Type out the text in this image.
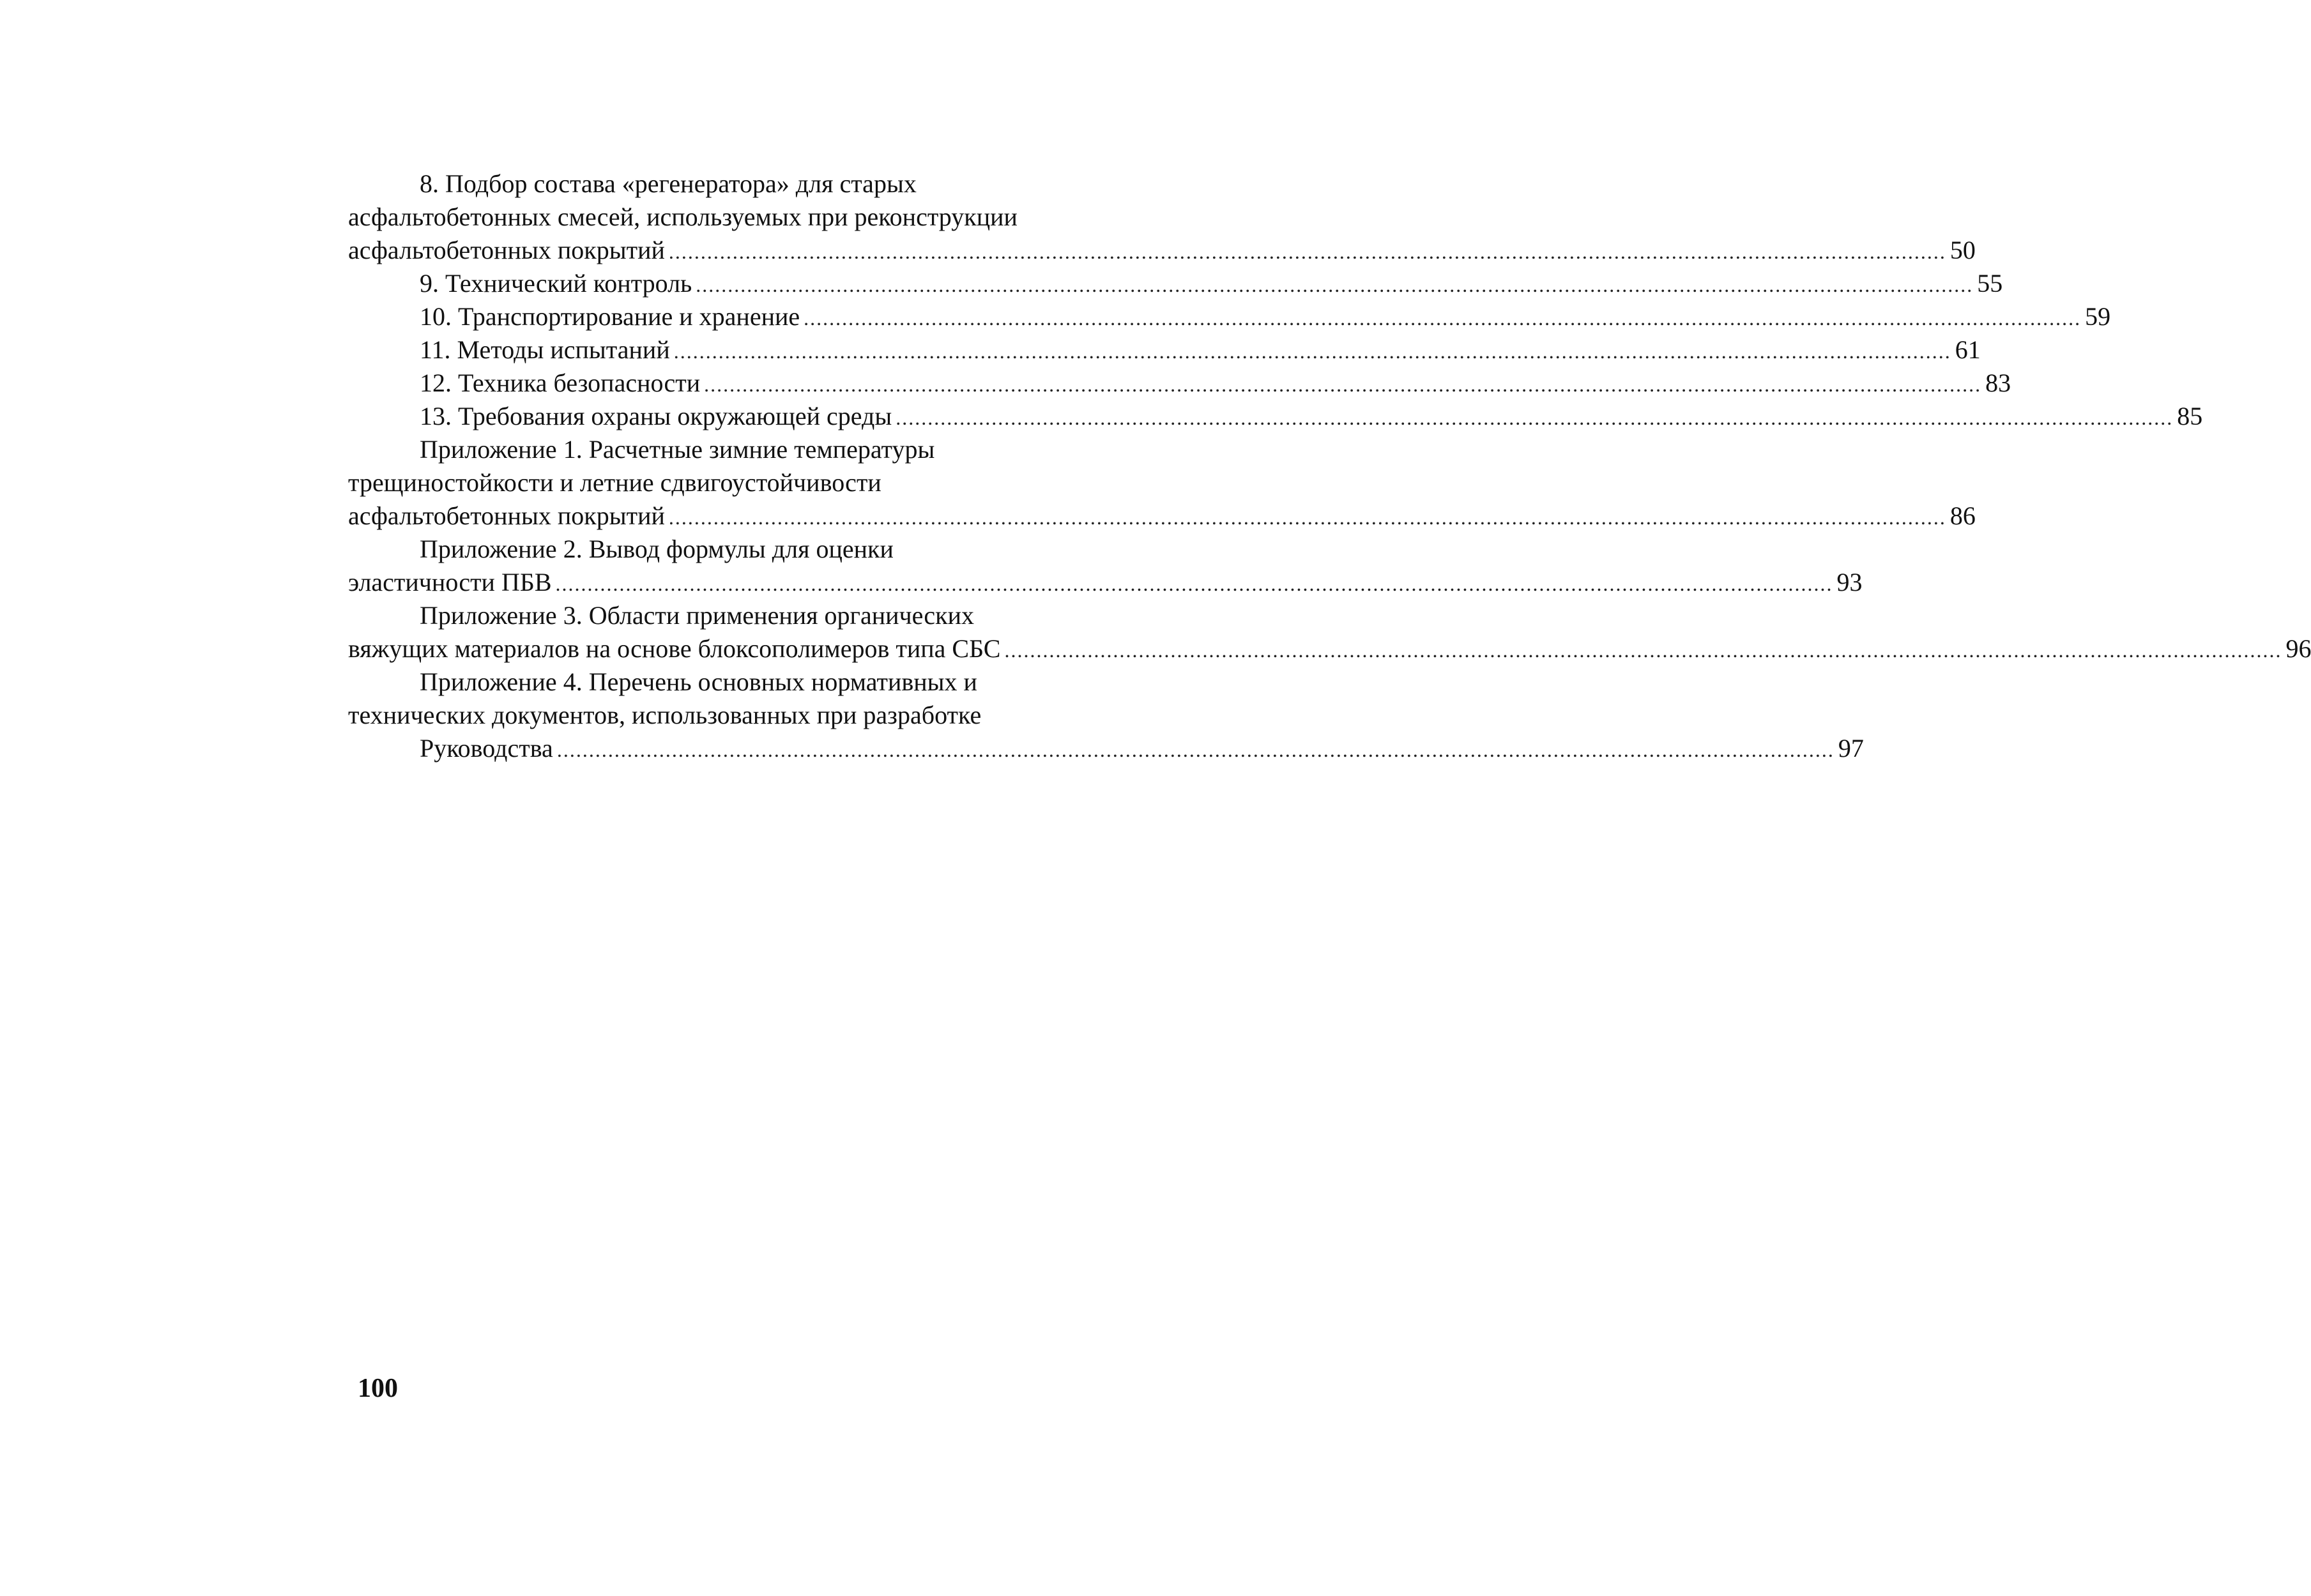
8. Подбор состава «регенератора» для старых
асфальтобетонных смесей, используемых при реконструкции
асфальтобетонных покрытий ........................................................................................................................................................................................................ 50
9. Технический контроль ........................................................................................................................................................................................................ 55
10. Транспортирование и хранение ........................................................................................................................................................................................................ 59
11. Методы испытаний ........................................................................................................................................................................................................ 61
12. Техника безопасности ........................................................................................................................................................................................................ 83
13. Требования охраны окружающей среды ........................................................................................................................................................................................................ 85
Приложение 1. Расчетные зимние температуры
трещиностойкости и летние сдвигоустойчивости
асфальтобетонных покрытий ........................................................................................................................................................................................................ 86
Приложение 2. Вывод формулы для оценки
эластичности ПБВ ........................................................................................................................................................................................................ 93
Приложение 3. Области применения органических
вяжущих материалов на основе блоксополимеров типа СБС ........................................................................................................................................................................................................ 96
Приложение 4. Перечень основных нормативных и
технических документов, использованных при разработке
Руководства ........................................................................................................................................................................................................ 97
100
